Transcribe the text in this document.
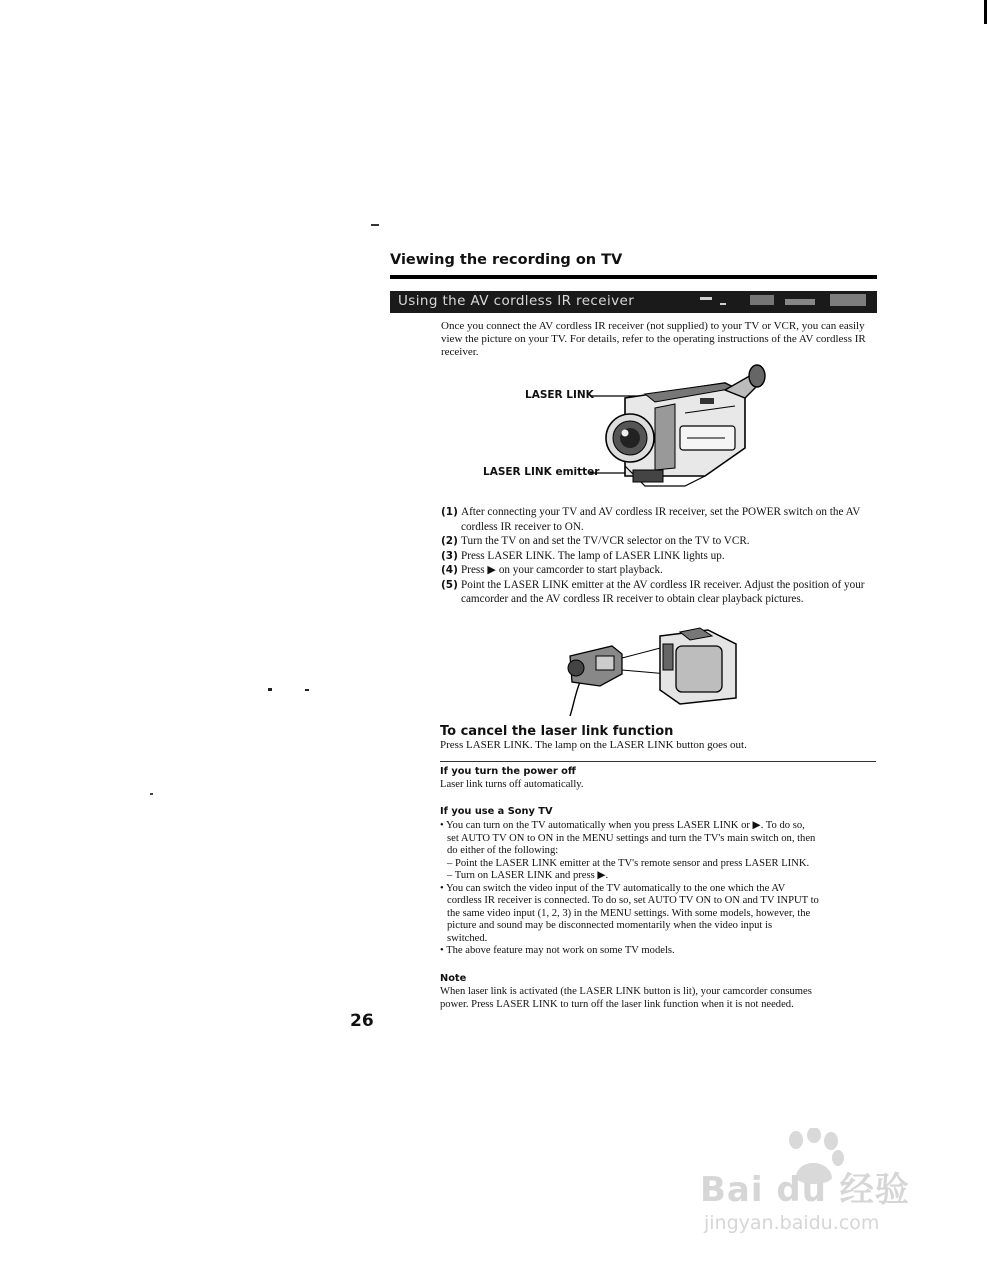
Viewing the recording on TV
Using the AV cordless IR receiver
Once you connect the AV cordless IR receiver (not supplied) to your TV or VCR, you can easily view the picture on your TV. For details, refer to the operating instructions of the AV cordless IR receiver.
LASER LINK
LASER LINK emitter
(1) After connecting your TV and AV cordless IR receiver, set the POWER switch on the AV cordless IR receiver to ON.
(2) Turn the TV on and set the TV/VCR selector on the TV to VCR.
(3) Press LASER LINK. The lamp of LASER LINK lights up.
(4) Press ▶ on your camcorder to start playback.
(5) Point the LASER LINK emitter at the AV cordless IR receiver. Adjust the position of your camcorder and the AV cordless IR receiver to obtain clear playback pictures.
To cancel the laser link function
Press LASER LINK. The lamp on the LASER LINK button goes out.
If you turn the power off
Laser link turns off automatically.
If you use a Sony TV
• You can turn on the TV automatically when you press LASER LINK or ▶. To do so,
set AUTO TV ON to ON in the MENU settings and turn the TV's main switch on, then
do either of the following:
– Point the LASER LINK emitter at the TV's remote sensor and press LASER LINK.
– Turn on LASER LINK and press ▶.
• You can switch the video input of the TV automatically to the one which the AV
cordless IR receiver is connected. To do so, set AUTO TV ON to ON and TV INPUT to
the same video input (1, 2, 3) in the MENU settings. With some models, however, the
picture and sound may be disconnected momentarily when the video input is
switched.
• The above feature may not work on some TV models.
Note
When laser link is activated (the LASER LINK button is lit), your camcorder consumes
power. Press LASER LINK to turn off the laser link function when it is not needed.
26
Bai du 经验
jingyan.baidu.com
